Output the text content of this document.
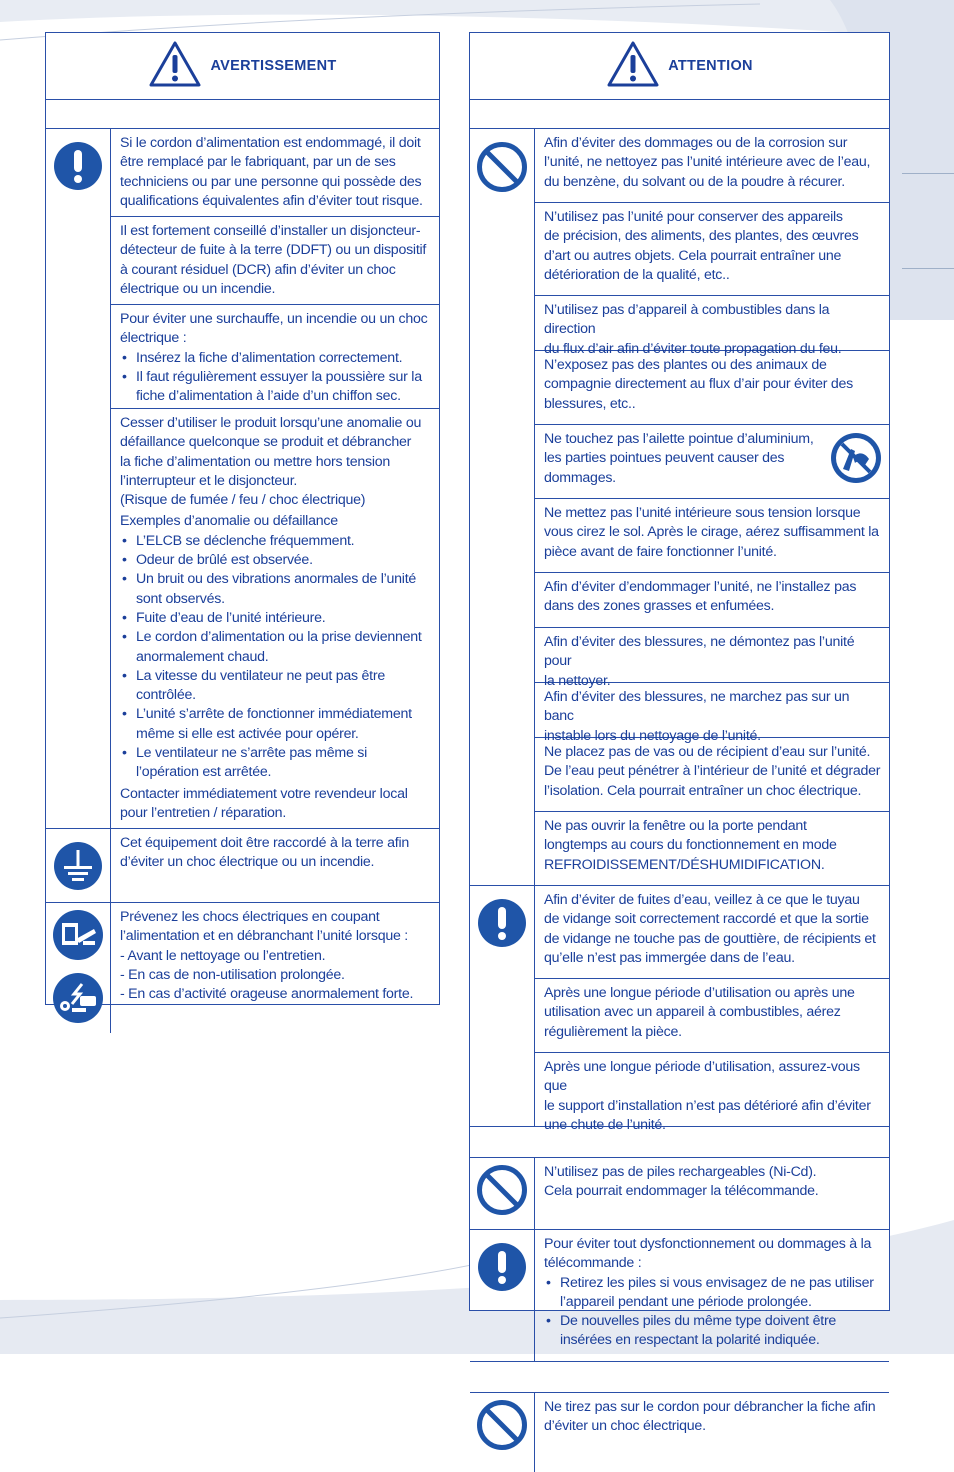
AVERTISSEMENT
Si le cordon d’alimentation est endommagé, il doit
être remplacé par le fabriquant, par un de ses
techniciens ou par une personne qui possède des
qualifications équivalentes afin d’éviter tout risque.
Il est fortement conseillé d’installer un disjoncteur-
détecteur de fuite à la terre (DDFT) ou un dispositif
à courant résiduel (DCR) afin d’éviter un choc
électrique ou un incendie.
Pour éviter une surchauffe, un incendie ou un choc
électrique :
• Insérez la fiche d’alimentation correctement.
• Il faut régulièrement essuyer la poussière sur la fiche d’alimentation à l’aide d’un chiffon sec.
Cesser d’utiliser le produit lorsqu’une anomalie ou
défaillance quelconque se produit et débrancher
la fiche d’alimentation ou mettre hors tension
l’interrupteur et le disjoncteur.
(Risque de fumée / feu / choc électrique)
Exemples d’anomalie ou défaillance
• L’ELCB se déclenche fréquemment.
• Odeur de brûlé est observée.
• Un bruit ou des vibrations anormales de l’unité sont observés.
• Fuite d’eau de l’unité intérieure.
• Le cordon d’alimentation ou la prise deviennent anormalement chaud.
• La vitesse du ventilateur ne peut pas être contrôlée.
• L’unité s’arrête de fonctionner immédiatement même si elle est activée pour opérer.
• Le ventilateur ne s’arrête pas même si l’opération est arrêtée.
Contacter immédiatement votre revendeur local
pour l’entretien / réparation.
Cet équipement doit être raccordé à la terre afin
d’éviter un choc électrique ou un incendie.
Prévenez les chocs électriques en coupant
l’alimentation et en débranchant l’unité lorsque :
- Avant le nettoyage ou l’entretien.
- En cas de non-utilisation prolongée.
- En cas d’activité orageuse anormalement forte.
ATTENTION
Afin d’éviter des dommages ou de la corrosion sur
l’unité, ne nettoyez pas l’unité intérieure avec de l’eau,
du benzène, du solvant ou de la poudre à récurer.
N’utilisez pas l’unité pour conserver des appareils
de précision, des aliments, des plantes, des œuvres
d’art ou autres objets. Cela pourrait entraîner une
détérioration de la qualité, etc..
N’utilisez pas d’appareil à combustibles dans la direction
du flux d’air afin d’éviter toute propagation du feu.
N’exposez pas des plantes ou des animaux de
compagnie directement au flux d’air pour éviter des
blessures, etc..
Ne touchez pas l’ailette pointue d’aluminium,
les parties pointues peuvent causer des
dommages.
Ne mettez pas l’unité intérieure sous tension lorsque
vous cirez le sol. Après le cirage, aérez suffisamment la
pièce avant de faire fonctionner l’unité.
Afin d’éviter d’endommager l’unité, ne l’installez pas
dans des zones grasses et enfumées.
Afin d’éviter des blessures, ne démontez pas l’unité pour
la nettoyer.
Afin d’éviter des blessures, ne marchez pas sur un banc
instable lors du nettoyage de l’unité.
Ne placez pas de vas ou de récipient d’eau sur l’unité.
De l’eau peut pénétrer à l’intérieur de l’unité et dégrader
l’isolation. Cela pourrait entraîner un choc électrique.
Ne pas ouvrir la fenêtre ou la porte pendant
longtemps au cours du fonctionnement en mode
REFROIDISSEMENT/DÉSHUMIDIFICATION.
Afin d’éviter de fuites d’eau, veillez à ce que le tuyau
de vidange soit correctement raccordé et que la sortie
de vidange ne touche pas de gouttière, de récipients et
qu’elle n’est pas immergée dans de l’eau.
Après une longue période d’utilisation ou après une
utilisation avec un appareil à combustibles, aérez
régulièrement la pièce.
Après une longue période d’utilisation, assurez-vous que
le support d’installation n’est pas détérioré afin d’éviter
une chute de l’unité.
N’utilisez pas de piles rechargeables (Ni-Cd).
Cela pourrait endommager la télécommande.
Pour éviter tout dysfonctionnement ou dommages à la
télécommande :
• Retirez les piles si vous envisagez de ne pas utiliser l’appareil pendant une période prolongée.
• De nouvelles piles du même type doivent être insérées en respectant la polarité indiquée.
Ne tirez pas sur le cordon pour débrancher la fiche afin
d’éviter un choc électrique.
